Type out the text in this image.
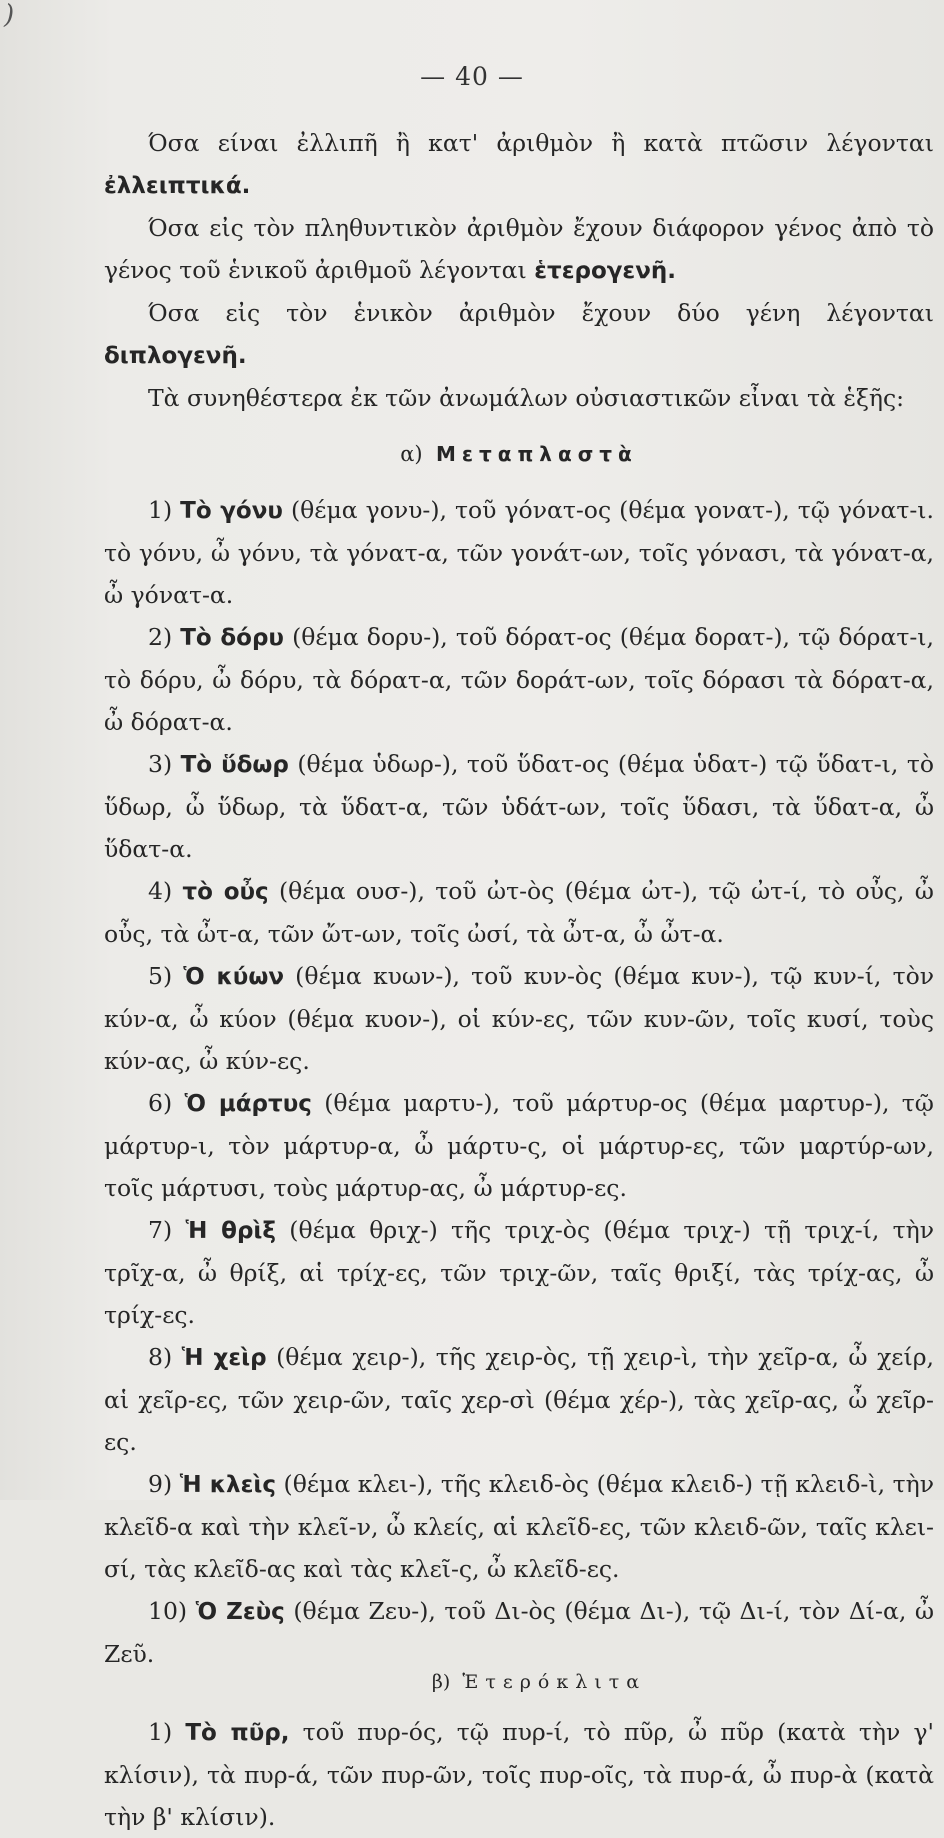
)
— 40 —

Όσα είναι ἐλλιπῆ ἢ κατ' ἀριθμὸν ἢ κατὰ πτῶσιν λέγονται ἐλλειπτικά.

Όσα εἰς τὸν πληθυντικὸν ἀριθμὸν ἔχουν διάφορον γένος ἀπὸ τὸ γένος τοῦ ἑνικοῦ ἀριθμοῦ λέγονται ἑτερογενῆ.

Όσα εἰς τὸν ἑνικὸν ἀριθμὸν ἔχουν δύο γένη λέγονται διπλογενῆ.

Τὰ συνηθέστερα ἐκ τῶν ἀνωμάλων οὐσιαστικῶν εἶναι τὰ ἑξῆς:

α) Μεταπλαστὰ

1) Τὸ γόνυ (θέμα γονυ-), τοῦ γόνατ-ος (θέμα γονατ-), τῷ γόνατ-ι. τὸ γόνυ, ὦ γόνυ, τὰ γόνατ-α, τῶν γονάτ-ων, τοῖς γόνασι, τὰ γόνατ-α, ὦ γόνατ-α.

2) Τὸ δόρυ (θέμα δορυ-), τοῦ δόρατ-ος (θέμα δορατ-), τῷ δόρατ-ι, τὸ δόρυ, ὦ δόρυ, τὰ δόρατ-α, τῶν δοράτ-ων, τοῖς δόρασι τὰ δόρατ-α, ὦ δόρατ-α.

3) Τὸ ὕδωρ (θέμα ὑδωρ-), τοῦ ὕδατ-ος (θέμα ὑδατ-) τῷ ὕδατ-ι, τὸ ὕδωρ, ὦ ὕδωρ, τὰ ὕδατ-α, τῶν ὑδάτ-ων, τοῖς ὕδασι, τὰ ὕδατ-α, ὦ ὕδατ-α.

4) τὸ οὖς (θέμα ουσ-), τοῦ ὠτ-ὸς (θέμα ὠτ-), τῷ ὠτ-ί, τὸ οὖς, ὦ οὖς, τὰ ὦτ-α, τῶν ὤτ-ων, τοῖς ὠσί, τὰ ὦτ-α, ὦ ὦτ-α.

5) Ὁ κύων (θέμα κυων-), τοῦ κυν-ὸς (θέμα κυν-), τῷ κυν-ί, τὸν κύν-α, ὦ κύον (θέμα κυον-), οἱ κύν-ες, τῶν κυν-ῶν, τοῖς κυσί, τοὺς κύν-ας, ὦ κύν-ες.

6) Ὁ μάρτυς (θέμα μαρτυ-), τοῦ μάρτυρ-ος (θέμα μαρτυρ-), τῷ μάρτυρ-ι, τὸν μάρτυρ-α, ὦ μάρτυ-ς, οἱ μάρτυρ-ες, τῶν μαρτύρ-ων, τοῖς μάρτυσι, τοὺς μάρτυρ-ας, ὦ μάρτυρ-ες.

7) Ἡ θρὶξ (θέμα θριχ-) τῆς τριχ-ὸς (θέμα τριχ-) τῇ τριχ-ί, τὴν τρῖχ-α, ὦ θρίξ, αἱ τρίχ-ες, τῶν τριχ-ῶν, ταῖς θριξί, τὰς τρίχ-ας, ὦ τρίχ-ες.

8) Ἡ χεὶρ (θέμα χειρ-), τῆς χειρ-ὸς, τῇ χειρ-ὶ, τὴν χεῖρ-α, ὦ χείρ, αἱ χεῖρ-ες, τῶν χειρ-ῶν, ταῖς χερ-σὶ (θέμα χέρ-), τὰς χεῖρ-ας, ὦ χεῖρ-ες.

9) Ἡ κλεὶς (θέμα κλει-), τῆς κλειδ-ὸς (θέμα κλειδ-) τῇ κλειδ-ὶ, τὴν κλεῖδ-α καὶ τὴν κλεῖ-ν, ὦ κλείς, αἱ κλεῖδ-ες, τῶν κλειδ-ῶν, ταῖς κλει-σί, τὰς κλεῖδ-ας καὶ τὰς κλεῖ-ς, ὦ κλεῖδ-ες.

10) Ὁ Ζεὺς (θέμα Ζευ-), τοῦ Δι-ὸς (θέμα Δι-), τῷ Δι-ί, τὸν Δί-α, ὦ Ζεῦ.

β) Ἑτερόκλιτα

1) Τὸ πῦρ, τοῦ πυρ-ός, τῷ πυρ-ί, τὸ πῦρ, ὦ πῦρ (κατὰ τὴν γ' κλίσιν), τὰ πυρ-ά, τῶν πυρ-ῶν, τοῖς πυρ-οῖς, τὰ πυρ-ά, ὦ πυρ-ὰ (κατὰ τὴν β' κλίσιν).
